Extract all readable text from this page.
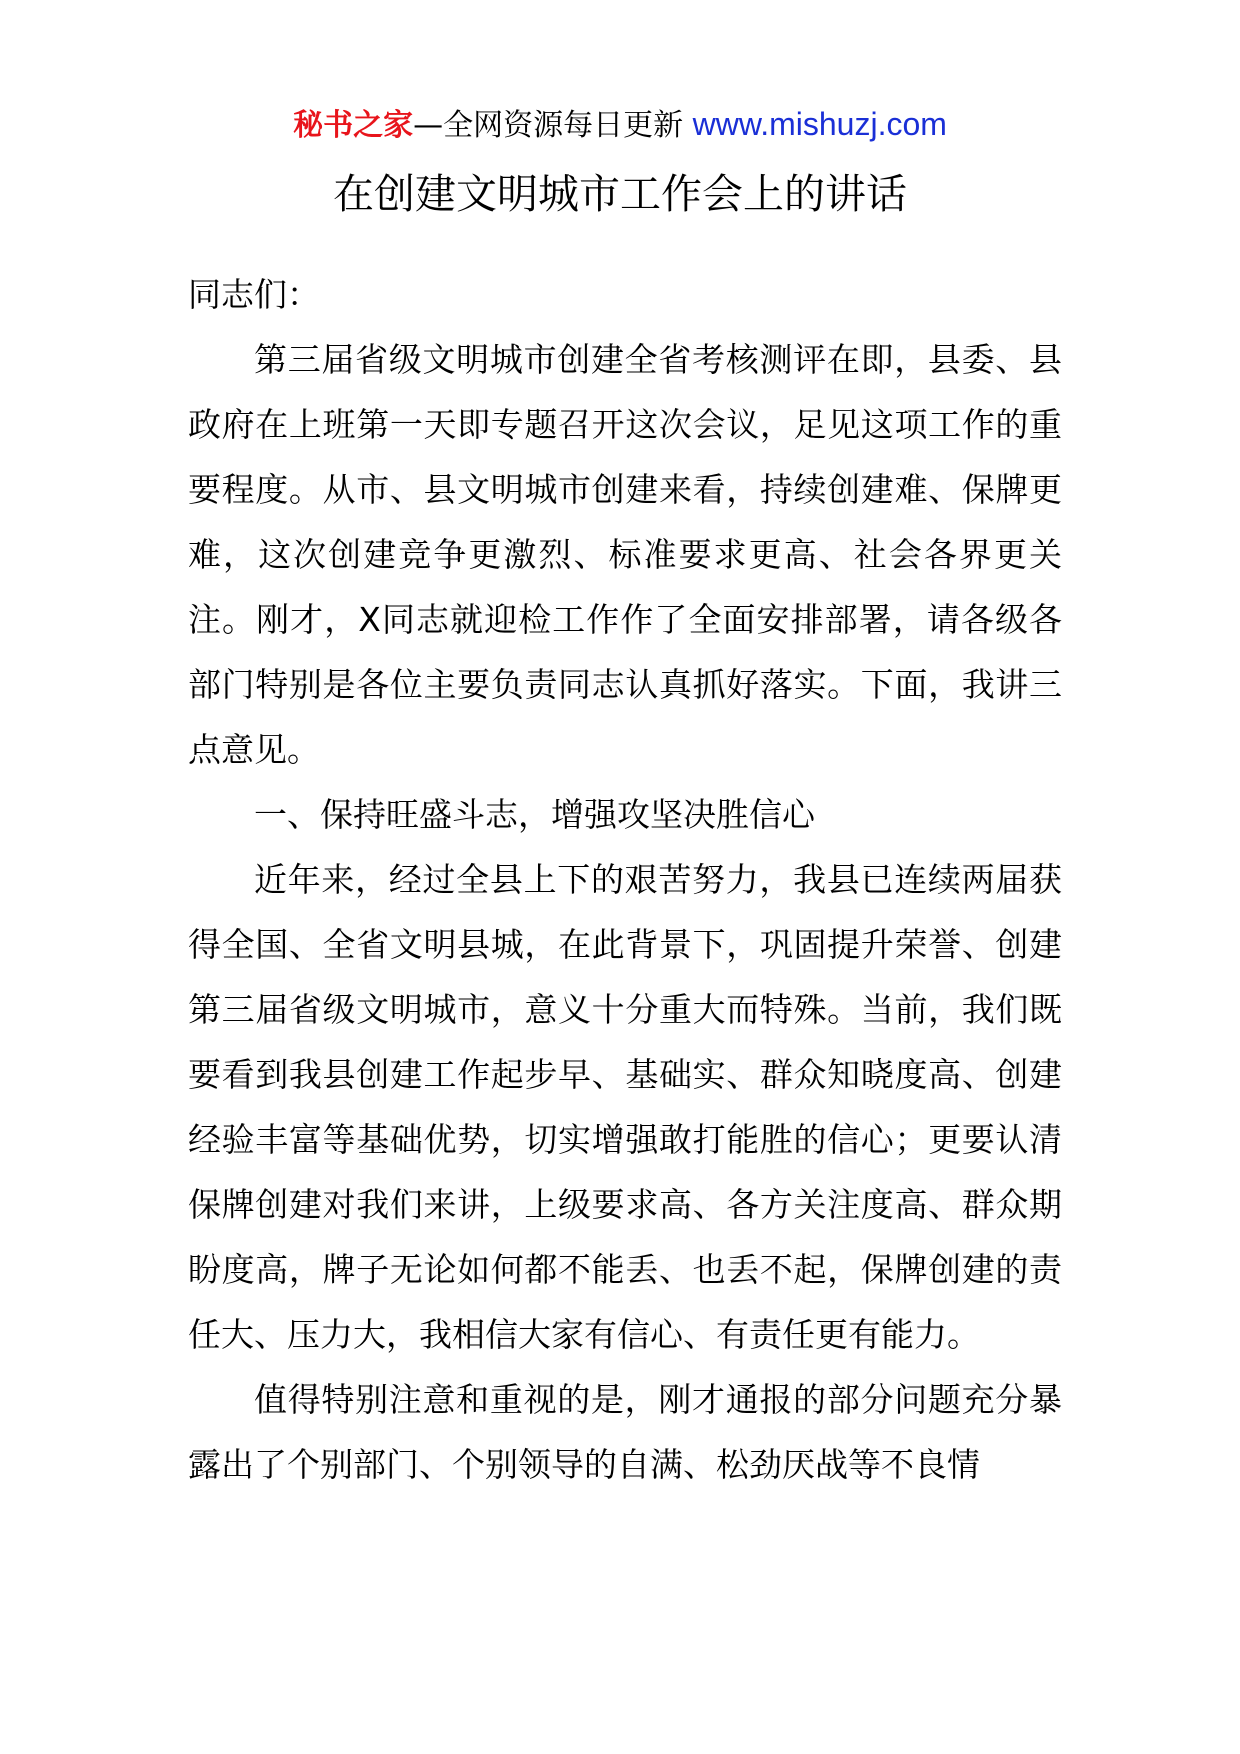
秘书之家—全网资源每日更新 www.mishuzj.com
在创建文明城市工作会上的讲话

同志们：

第三届省级文明城市创建全省考核测评在即，县委、县政府在上班第一天即专题召开这次会议，足见这项工作的重要程度。从市、县文明城市创建来看，持续创建难、保牌更难，这次创建竞争更激烈、标准要求更高、社会各界更关注。刚才，X同志就迎检工作作了全面安排部署，请各级各部门特别是各位主要负责同志认真抓好落实。下面，我讲三点意见。

一、保持旺盛斗志，增强攻坚决胜信心

近年来，经过全县上下的艰苦努力，我县已连续两届获得全国、全省文明县城，在此背景下，巩固提升荣誉、创建第三届省级文明城市，意义十分重大而特殊。当前，我们既要看到我县创建工作起步早、基础实、群众知晓度高、创建经验丰富等基础优势，切实增强敢打能胜的信心；更要认清保牌创建对我们来讲，上级要求高、各方关注度高、群众期盼度高，牌子无论如何都不能丢、也丢不起，保牌创建的责任大、压力大，我相信大家有信心、有责任更有能力。

值得特别注意和重视的是，刚才通报的部分问题充分暴露出了个别部门、个别领导的自满、松劲厌战等不良情
